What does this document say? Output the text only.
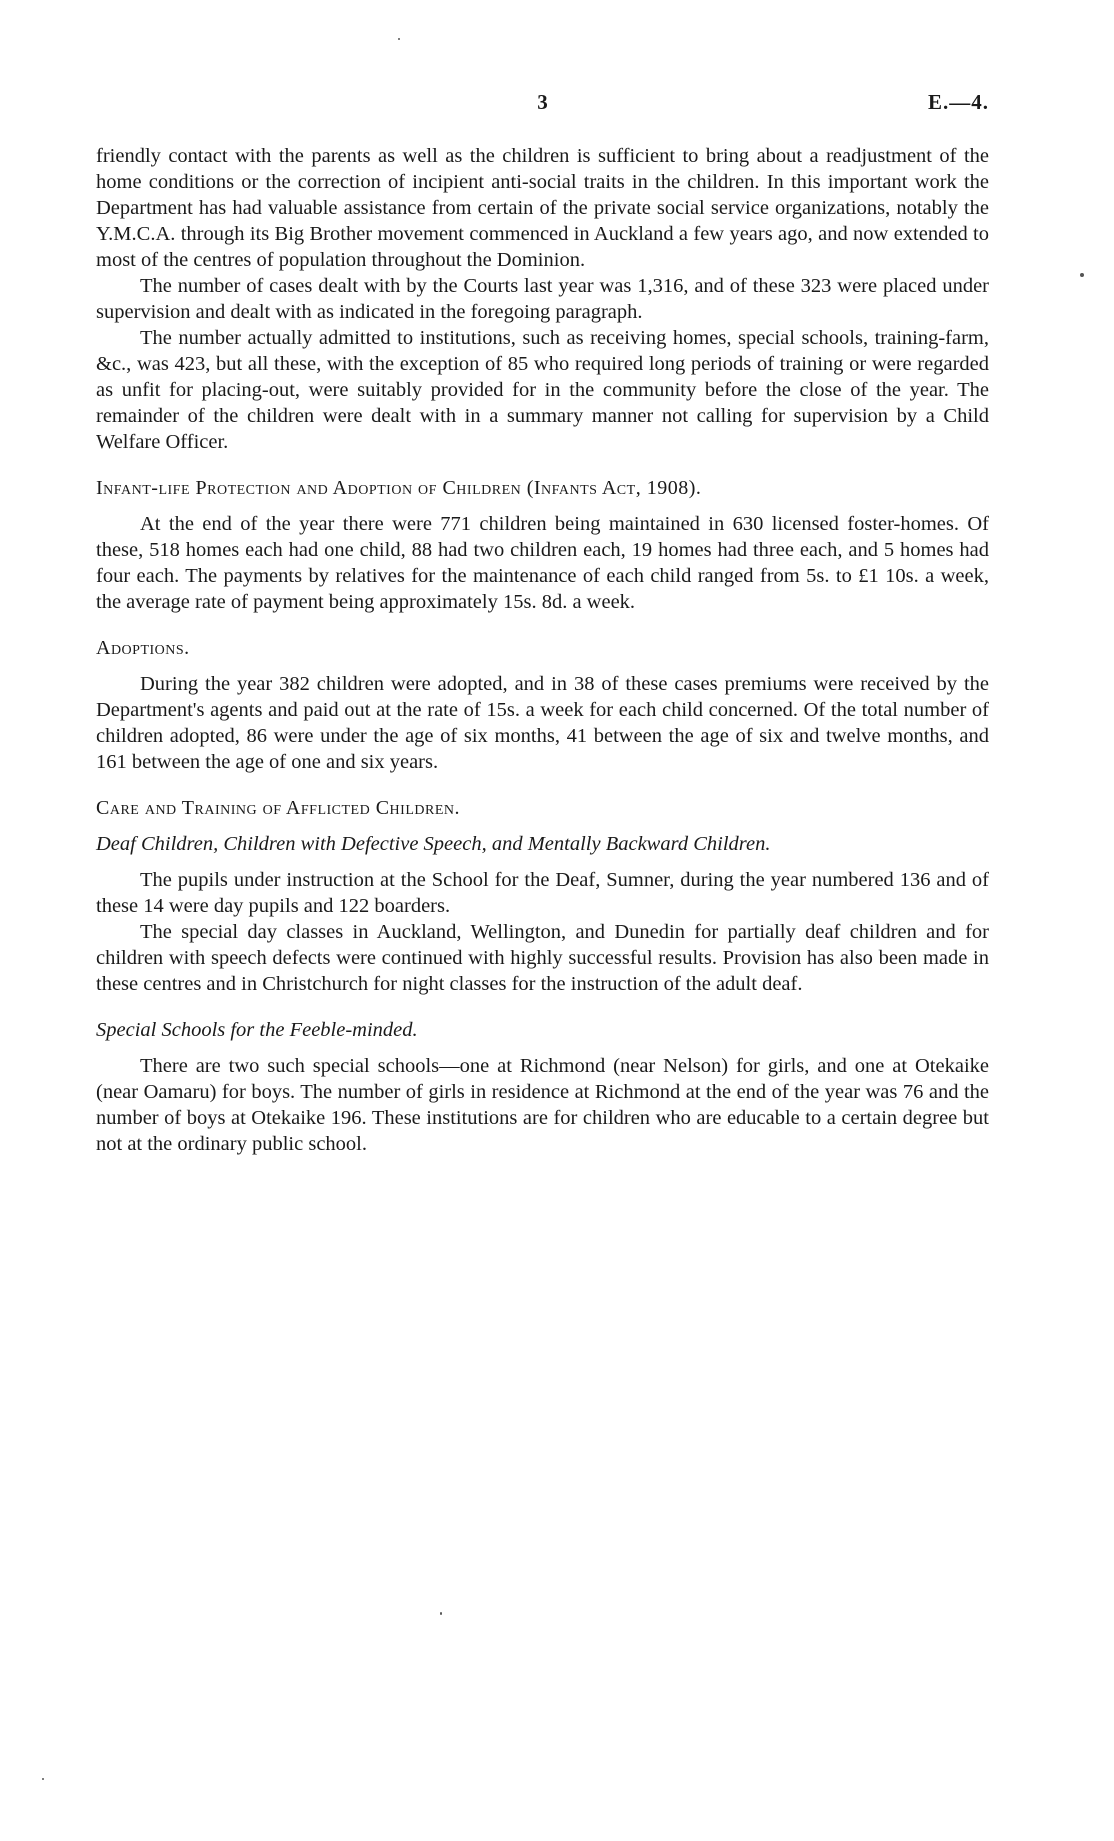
3	E.—4.

friendly contact with the parents as well as the children is sufficient to bring about a readjustment of the home conditions or the correction of incipient anti-social traits in the children. In this important work the Department has had valuable assistance from certain of the private social service organizations, notably the Y.M.C.A. through its Big Brother movement commenced in Auckland a few years ago, and now extended to most of the centres of population throughout the Dominion.

The number of cases dealt with by the Courts last year was 1,316, and of these 323 were placed under supervision and dealt with as indicated in the foregoing paragraph.

The number actually admitted to institutions, such as receiving homes, special schools, training-farm, &c., was 423, but all these, with the exception of 85 who required long periods of training or were regarded as unfit for placing-out, were suitably provided for in the community before the close of the year. The remainder of the children were dealt with in a summary manner not calling for supervision by a Child Welfare Officer.

Infant-life Protection and Adoption of Children (Infants Act, 1908).

At the end of the year there were 771 children being maintained in 630 licensed foster-homes. Of these, 518 homes each had one child, 88 had two children each, 19 homes had three each, and 5 homes had four each. The payments by relatives for the maintenance of each child ranged from 5s. to £1 10s. a week, the average rate of payment being approximately 15s. 8d. a week.

Adoptions.

During the year 382 children were adopted, and in 38 of these cases premiums were received by the Department's agents and paid out at the rate of 15s. a week for each child concerned. Of the total number of children adopted, 86 were under the age of six months, 41 between the age of six and twelve months, and 161 between the age of one and six years.

Care and Training of Afflicted Children.

Deaf Children, Children with Defective Speech, and Mentally Backward Children.

The pupils under instruction at the School for the Deaf, Sumner, during the year numbered 136 and of these 14 were day pupils and 122 boarders.

The special day classes in Auckland, Wellington, and Dunedin for partially deaf children and for children with speech defects were continued with highly successful results. Provision has also been made in these centres and in Christchurch for night classes for the instruction of the adult deaf.

Special Schools for the Feeble-minded.

There are two such special schools—one at Richmond (near Nelson) for girls, and one at Otekaike (near Oamaru) for boys. The number of girls in residence at Richmond at the end of the year was 76 and the number of boys at Otekaike 196. These institutions are for children who are educable to a certain degree but not at the ordinary public school.
